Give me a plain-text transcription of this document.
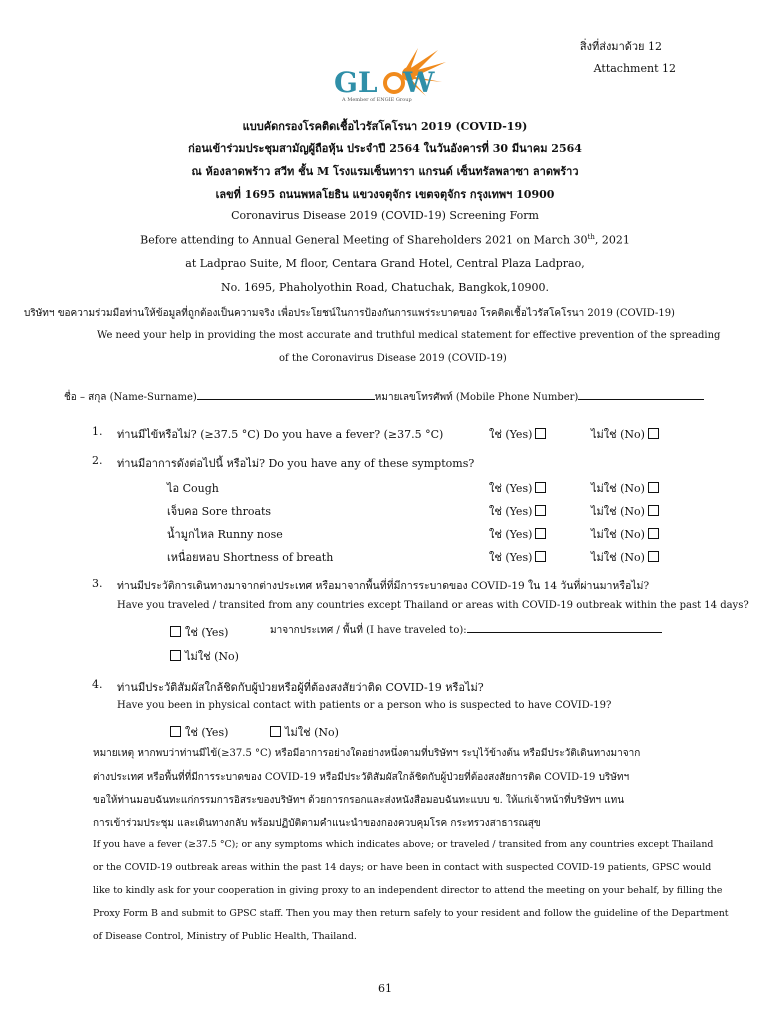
สิ่งที่ส่งมาด้วย 12
Attachment 12
GL W
A Member of ENGIE Group
แบบคัดกรองโรคติดเชื้อไวรัสโคโรนา 2019 (COVID-19)
ก่อนเข้าร่วมประชุมสามัญผู้ถือหุ้น ประจำปี 2564 ในวันอังคารที่ 30 มีนาคม 2564
ณ ห้องลาดพร้าว สวีท ชั้น M โรงแรมเซ็นทารา แกรนด์ เซ็นทรัลพลาซา ลาดพร้าว
เลขที่ 1695 ถนนพหลโยธิน แขวงจตุจักร เขตจตุจักร กรุงเทพฯ 10900
Coronavirus Disease 2019 (COVID-19) Screening Form
Before attending to Annual General Meeting of Shareholders 2021 on March 30th, 2021
at Ladprao Suite, M floor, Centara Grand Hotel, Central Plaza Ladprao,
No. 1695, Phaholyothin Road, Chatuchak, Bangkok,10900.
บริษัทฯ ขอความร่วมมือท่านให้ข้อมูลที่ถูกต้องเป็นความจริง เพื่อประโยชน์ในการป้องกันการแพร่ระบาดของ โรคติดเชื้อไวรัสโคโรนา 2019 (COVID-19)
We need your help in providing the most accurate and truthful medical statement for effective prevention of the spreading
of the Coronavirus Disease 2019 (COVID-19)
ชื่อ – สกุล (Name-Surname)	หมายเลขโทรศัพท์ (Mobile Phone Number)
1. ท่านมีไข้หรือไม่? (≥37.5 °C) Do you have a fever? (≥37.5 °C)	ใช่ (Yes)	ไม่ใช่ (No)
2. ท่านมีอาการดังต่อไปนี้ หรือไม่? Do you have any of these symptoms?
ไอ Cough	ใช่ (Yes)	ไม่ใช่ (No)
เจ็บคอ Sore throats	ใช่ (Yes)	ไม่ใช่ (No)
น้ำมูกไหล Runny nose	ใช่ (Yes)	ไม่ใช่ (No)
เหนื่อยหอบ Shortness of breath	ใช่ (Yes)	ไม่ใช่ (No)
3. ท่านมีประวัติการเดินทางมาจากต่างประเทศ หรือมาจากพื้นที่ที่มีการระบาดของ COVID-19 ใน 14 วันที่ผ่านมาหรือไม่?
Have you traveled / transited from any countries except Thailand or areas with COVID-19 outbreak within the past 14 days?
ใช่ (Yes)	มาจากประเทศ / พื้นที่ (I have traveled to):
ไม่ใช่ (No)
4. ท่านมีประวัติสัมผัสใกล้ชิดกับผู้ป่วยหรือผู้ที่ต้องสงสัยว่าติด COVID-19 หรือไม่?
Have you been in physical contact with patients or a person who is suspected to have COVID-19?
ใช่ (Yes)	ไม่ใช่ (No)
หมายเหตุ หากพบว่าท่านมีไข้(≥37.5 °C) หรือมีอาการอย่างใดอย่างหนึ่งตามที่บริษัทฯ ระบุไว้ข้างต้น หรือมีประวัติเดินทางมาจาก
ต่างประเทศ หรือพื้นที่ที่มีการระบาดของ COVID-19 หรือมีประวัติสัมผัสใกล้ชิดกับผู้ป่วยที่ต้องสงสัยการติด COVID-19 บริษัทฯ
ขอให้ท่านมอบฉันทะแก่กรรมการอิสระของบริษัทฯ ด้วยการกรอกและส่งหนังสือมอบฉันทะแบบ ข. ให้แก่เจ้าหน้าที่บริษัทฯ แทน
การเข้าร่วมประชุม และเดินทางกลับ พร้อมปฏิบัติตามคำแนะนำของกองควบคุมโรค กระทรวงสาธารณสุข
If you have a fever (≥37.5 °C); or any symptoms which indicates above; or traveled / transited from any countries except Thailand
or the COVID-19 outbreak areas within the past 14 days; or have been in contact with suspected COVID-19 patients, GPSC would
like to kindly ask for your cooperation in giving proxy to an independent director to attend the meeting on your behalf, by filling the
Proxy Form B and submit to GPSC staff. Then you may then return safely to your resident and follow the guideline of the Department
of Disease Control, Ministry of Public Health, Thailand.
61
